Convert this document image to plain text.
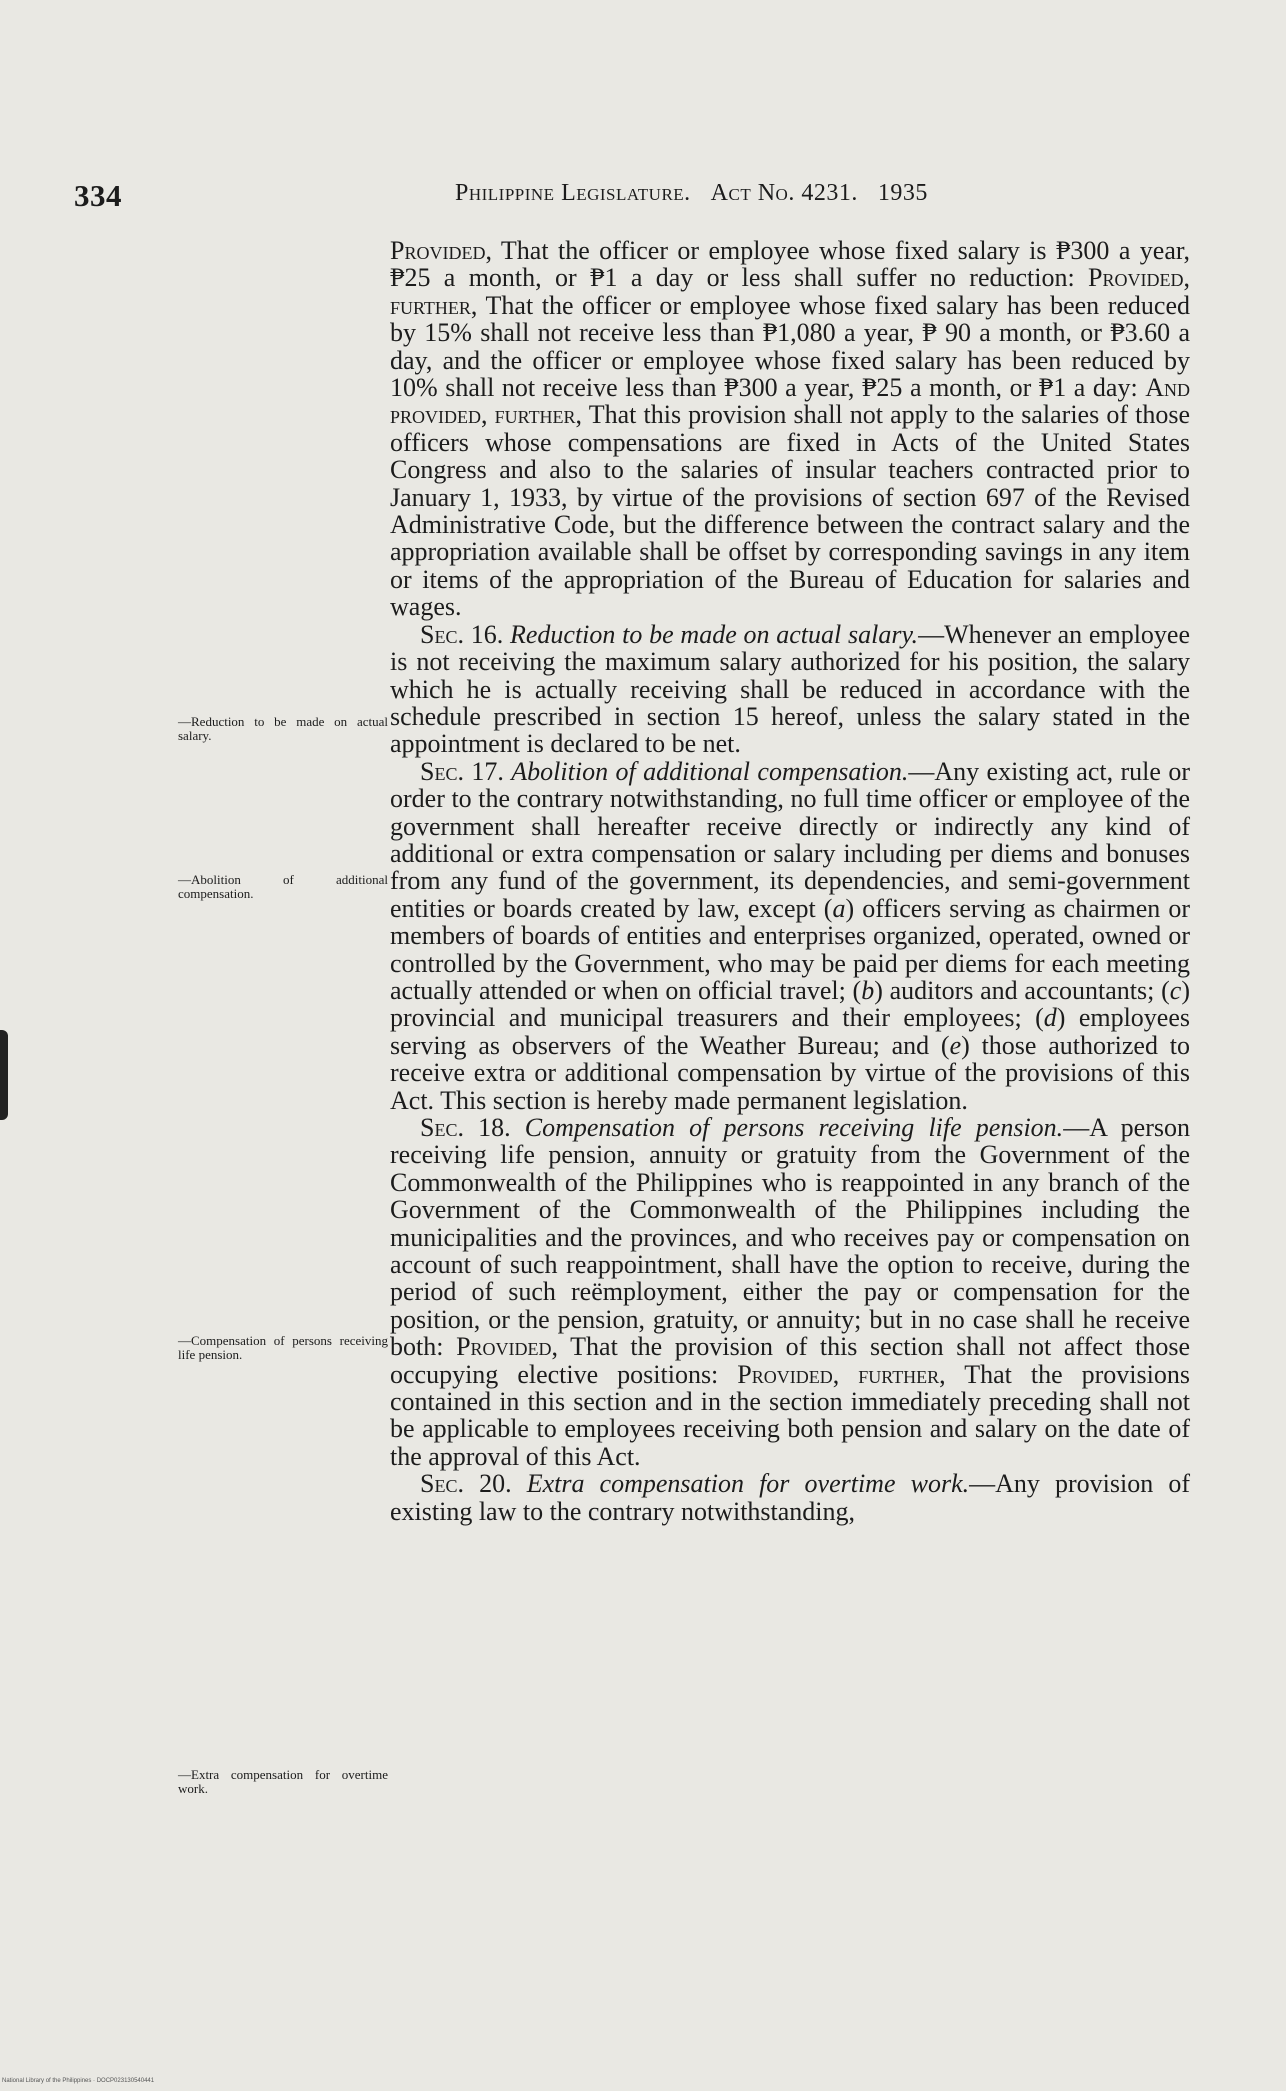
334	Philippine Legislature. Act No. 4231. 1935
—Reduction to be made on actual salary.
—Abolition of additional compensation.
—Compensation of persons receiving life pension.
—Extra compensation for overtime work.

Provided, That the officer or employee whose fixed salary is ₱300 a year, ₱25 a month, or ₱1 a day or less shall suffer no reduction: Provided, further, That the officer or employee whose fixed salary has been reduced by 15% shall not receive less than ₱1,080 a year, ₱ 90 a month, or ₱3.60 a day, and the officer or employee whose fixed salary has been reduced by 10% shall not receive less than ₱300 a year, ₱25 a month, or ₱1 a day: And provided, further, That this provision shall not apply to the salaries of those officers whose compensations are fixed in Acts of the United States Congress and also to the salaries of insular teachers contracted prior to January 1, 1933, by virtue of the provisions of section 697 of the Revised Administrative Code, but the difference between the contract salary and the appropriation available shall be offset by corresponding savings in any item or items of the appropriation of the Bureau of Education for salaries and wages.

Sec. 16. Reduction to be made on actual salary.—Whenever an employee is not receiving the maximum salary authorized for his position, the salary which he is actually receiving shall be reduced in accordance with the schedule prescribed in section 15 hereof, unless the salary stated in the appointment is declared to be net.

Sec. 17. Abolition of additional compensation.—Any existing act, rule or order to the contrary notwithstanding, no full time officer or employee of the government shall hereafter receive directly or indirectly any kind of additional or extra compensation or salary including per diems and bonuses from any fund of the government, its dependencies, and semi-government entities or boards created by law, except (a) officers serving as chairmen or members of boards of entities and enterprises organized, operated, owned or controlled by the Government, who may be paid per diems for each meeting actually attended or when on official travel; (b) auditors and accountants; (c) provincial and municipal treasurers and their employees; (d) employees serving as observers of the Weather Bureau; and (e) those authorized to receive extra or additional compensation by virtue of the provisions of this Act. This section is hereby made permanent legislation.

Sec. 18. Compensation of persons receiving life pension.—A person receiving life pension, annuity or gratuity from the Government of the Commonwealth of the Philippines who is reappointed in any branch of the Government of the Commonwealth of the Philippines including the municipalities and the provinces, and who receives pay or compensation on account of such reappointment, shall have the option to receive, during the period of such reëmployment, either the pay or compensation for the position, or the pension, gratuity, or annuity; but in no case shall he receive both: Provided, That the provision of this section shall not affect those occupying elective positions: Provided, further, That the provisions contained in this section and in the section immediately preceding shall not be applicable to employees receiving both pension and salary on the date of the approval of this Act.

Sec. 20. Extra compensation for overtime work.—Any provision of existing law to the contrary notwithstanding,

National Library of the Philippines · DOCP023130540441
